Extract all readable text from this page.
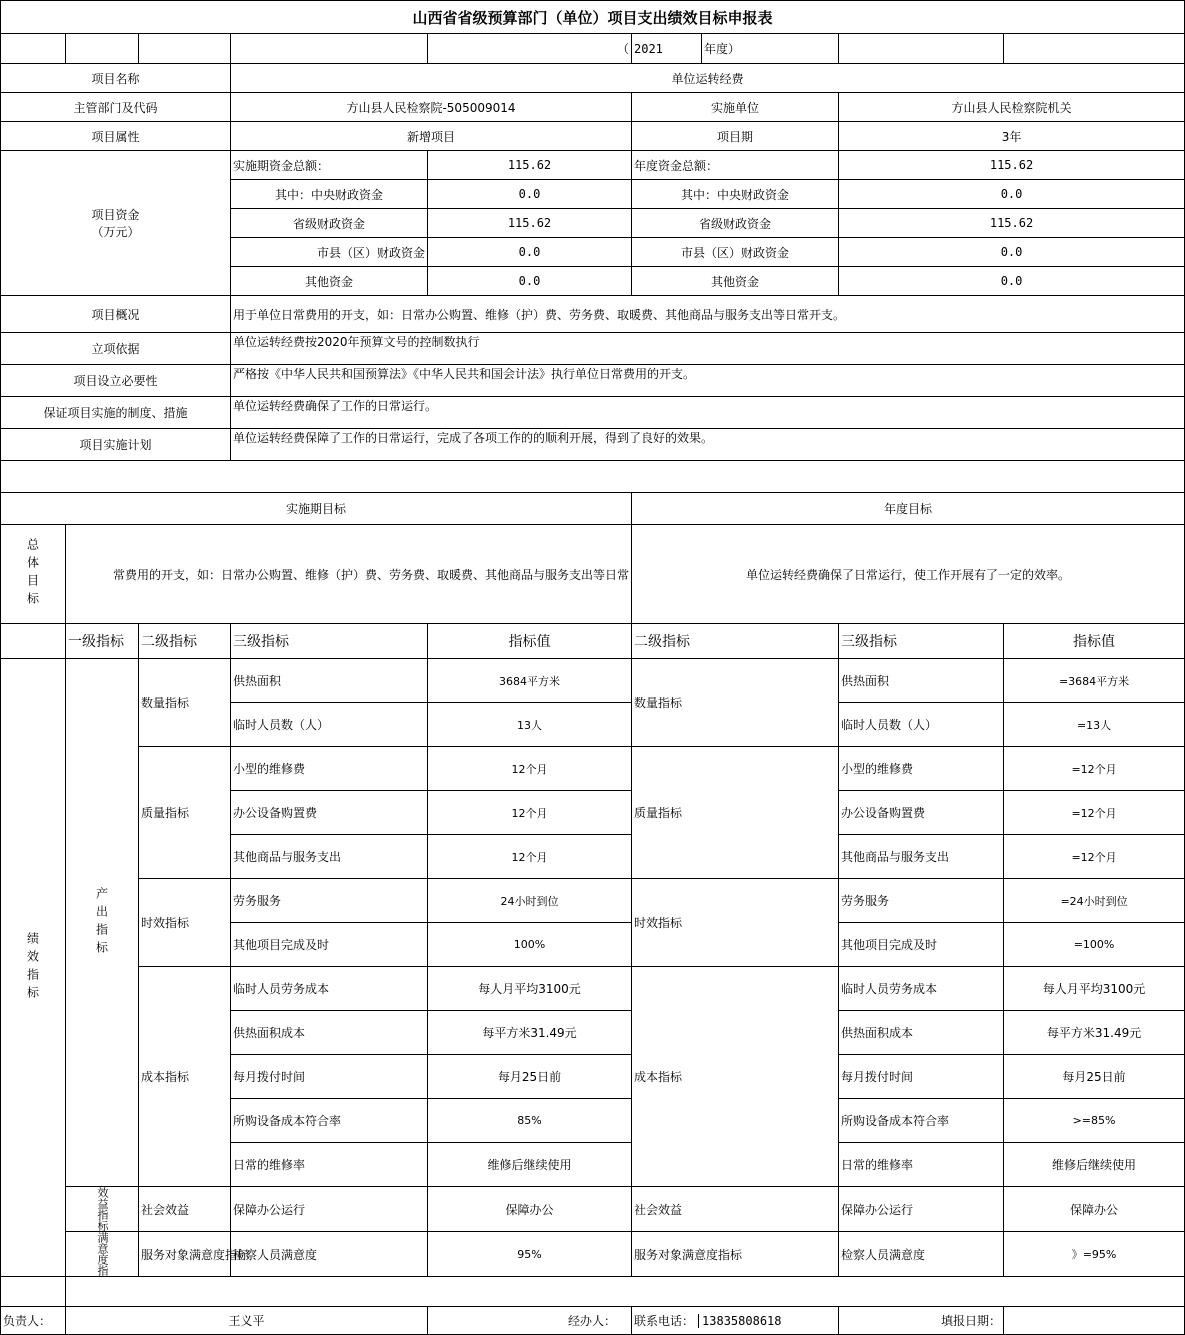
山西省省级预算部门（单位）项目支出绩效目标申报表								
				（	2021	年度）		
项目名称			单位运转经费					
主管部门及代码			方山县人民检察院-505009014		实施单位		方山县人民检察院机关	
项目属性			新增项目		项目期		3年	

项目资金
（万元）			实施期资金总额：	115.62	年度资金总额：		115.62	
			其中：中央财政资金	0.0	其中：中央财政资金		0.0	
			省级财政资金	115.62	省级财政资金		115.62	
			市县（区）财政资金	0.0	市县（区）财政资金		0.0	
			其他资金	0.0	其他资金		0.0	
项目概况			用于单位日常费用的开支，如：日常办公购置、维修（护）费、劳务费、取暖费、其他商品与服务支出等日常开支。					
立项依据			单位运转经费按2020年预算文号的控制数执行					
项目设立必要性			严格按《中华人民共和国预算法》《中华人民共和国会计法》执行单位日常费用的开支。					
保证项目实施的制度、措施			单位运转经费确保了工作的日常运行。					
项目实施计划			单位运转经费保障了工作的日常运行，完成了各项工作的的顺利开展，得到了良好的效果。					

实施期目标					年度目标			
总体目标	常费用的开支，如：日常办公购置、维修（护）费、劳务费、取暖费、其他商品与服务支出等日常				单位运转经费确保了日常运行，使工作开展有了一定的效率。			
	一级指标	二级指标	三级指标	指标值	二级指标		三级指标	指标值
绩效指标	产出指标	数量指标	供热面积	3684平方米	数量指标		供热面积	=3684平方米
			临时人员数（人）	13人			临时人员数（人）	=13人
		质量指标	小型的维修费	12个月	质量指标		小型的维修费	=12个月
			办公设备购置费	12个月			办公设备购置费	=12个月
			其他商品与服务支出	12个月			其他商品与服务支出	=12个月
		时效指标	劳务服务	24小时到位	时效指标		劳务服务	=24小时到位
			其他项目完成及时	100%			其他项目完成及时	=100%
		成本指标	临时人员劳务成本	每人月平均3100元	成本指标		临时人员劳务成本	每人月平均3100元
			供热面积成本	每平方米31.49元			供热面积成本	每平方米31.49元
			每月拨付时间	每月25日前			每月拨付时间	每月25日前
			所购设备成本符合率	85%			所购设备成本符合率	>=85%
			日常的维修率	维修后继续使用			日常的维修率	维修后继续使用
	效益指标	社会效益	保障办公运行	保障办公	社会效益		保障办公运行	保障办公
	满意度指	服务对象满意度指标	检察人员满意度	95%	服务对象满意度指标		检察人员满意度	》=95%

负责人：	王义平			经办人：	联系电话： 13835808618		填报日期：	
